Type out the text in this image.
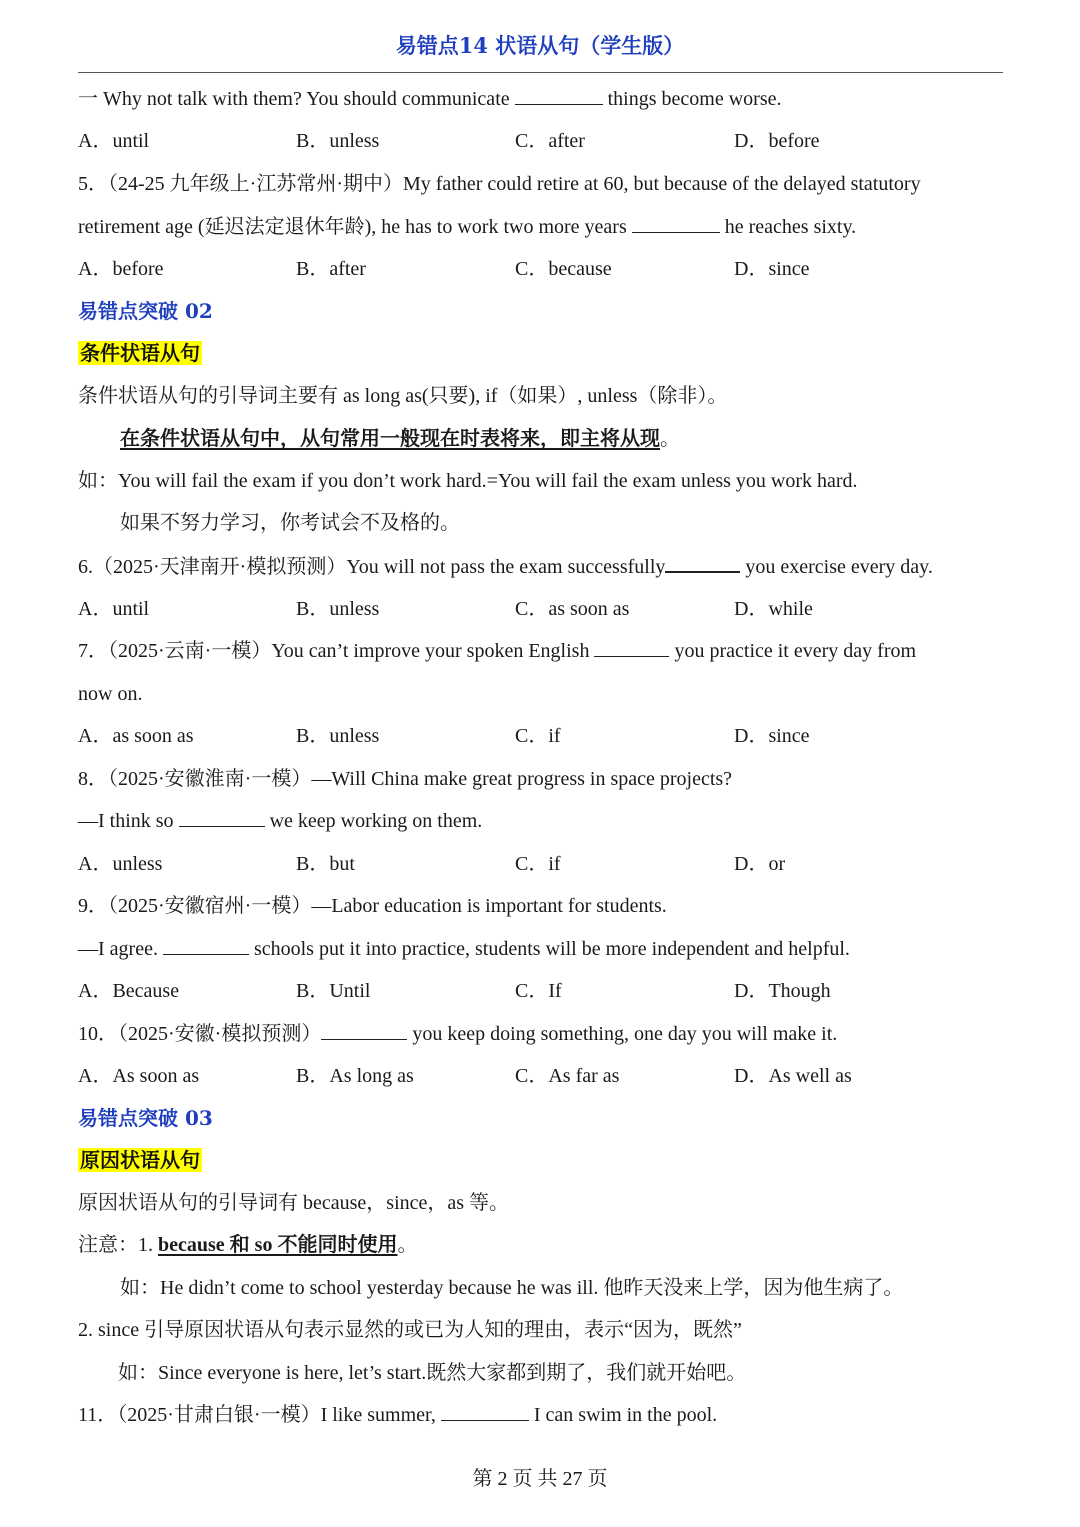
易错点14 状语从句（学生版）
一 Why not talk with them? You should communicate	things become worse.
A．until	B．unless	C．after	D．before
5．（24-25 九年级上·江苏常州·期中）My father could retire at 60, but because of the delayed statutory
retirement age (延迟法定退休年龄), he has to work two more years	he reaches sixty.
A．before	B．after	C．because	D．since
易错点突破 02
条件状语从句
条件状语从句的引导词主要有 as long as(只要), if（如果）, unless（除非）。
在条件状语从句中，从句常用一般现在时表将来，即主将从现。
如：You will fail the exam if you don’t work hard.=You will fail the exam unless you work hard.
如果不努力学习，你考试会不及格的。
6.（2025·天津南开·模拟预测）You will not pass the exam successfully	you exercise every day.
A．until	B．unless	C．as soon as	D．while
7．（2025·云南·一模）You can’t improve your spoken English	you practice it every day from
now on.
A．as soon as	B．unless	C．if	D．since
8．（2025·安徽淮南·一模）—Will China make great progress in space projects?
—I think so	we keep working on them.
A．unless	B．but	C．if	D．or
9．（2025·安徽宿州·一模）—Labor education is important for students.
—I agree.	schools put it into practice, students will be more independent and helpful.
A．Because	B．Until	C．If	D．Though
10．（2025·安徽·模拟预测）	you keep doing something, one day you will make it.
A．As soon as	B．As long as	C．As far as	D．As well as
易错点突破 03
原因状语从句
原因状语从句的引导词有 because，since，as 等。
注意：1. because 和 so 不能同时使用。
如：He didn’t come to school yesterday because he was ill. 他昨天没来上学，因为他生病了。
2. since 引导原因状语从句表示显然的或已为人知的理由，表示“因为，既然”
如：Since everyone is here, let’s start.既然大家都到期了，我们就开始吧。
11．（2025·甘肃白银·一模）I like summer,	I can swim in the pool.
第 2 页 共 27 页
